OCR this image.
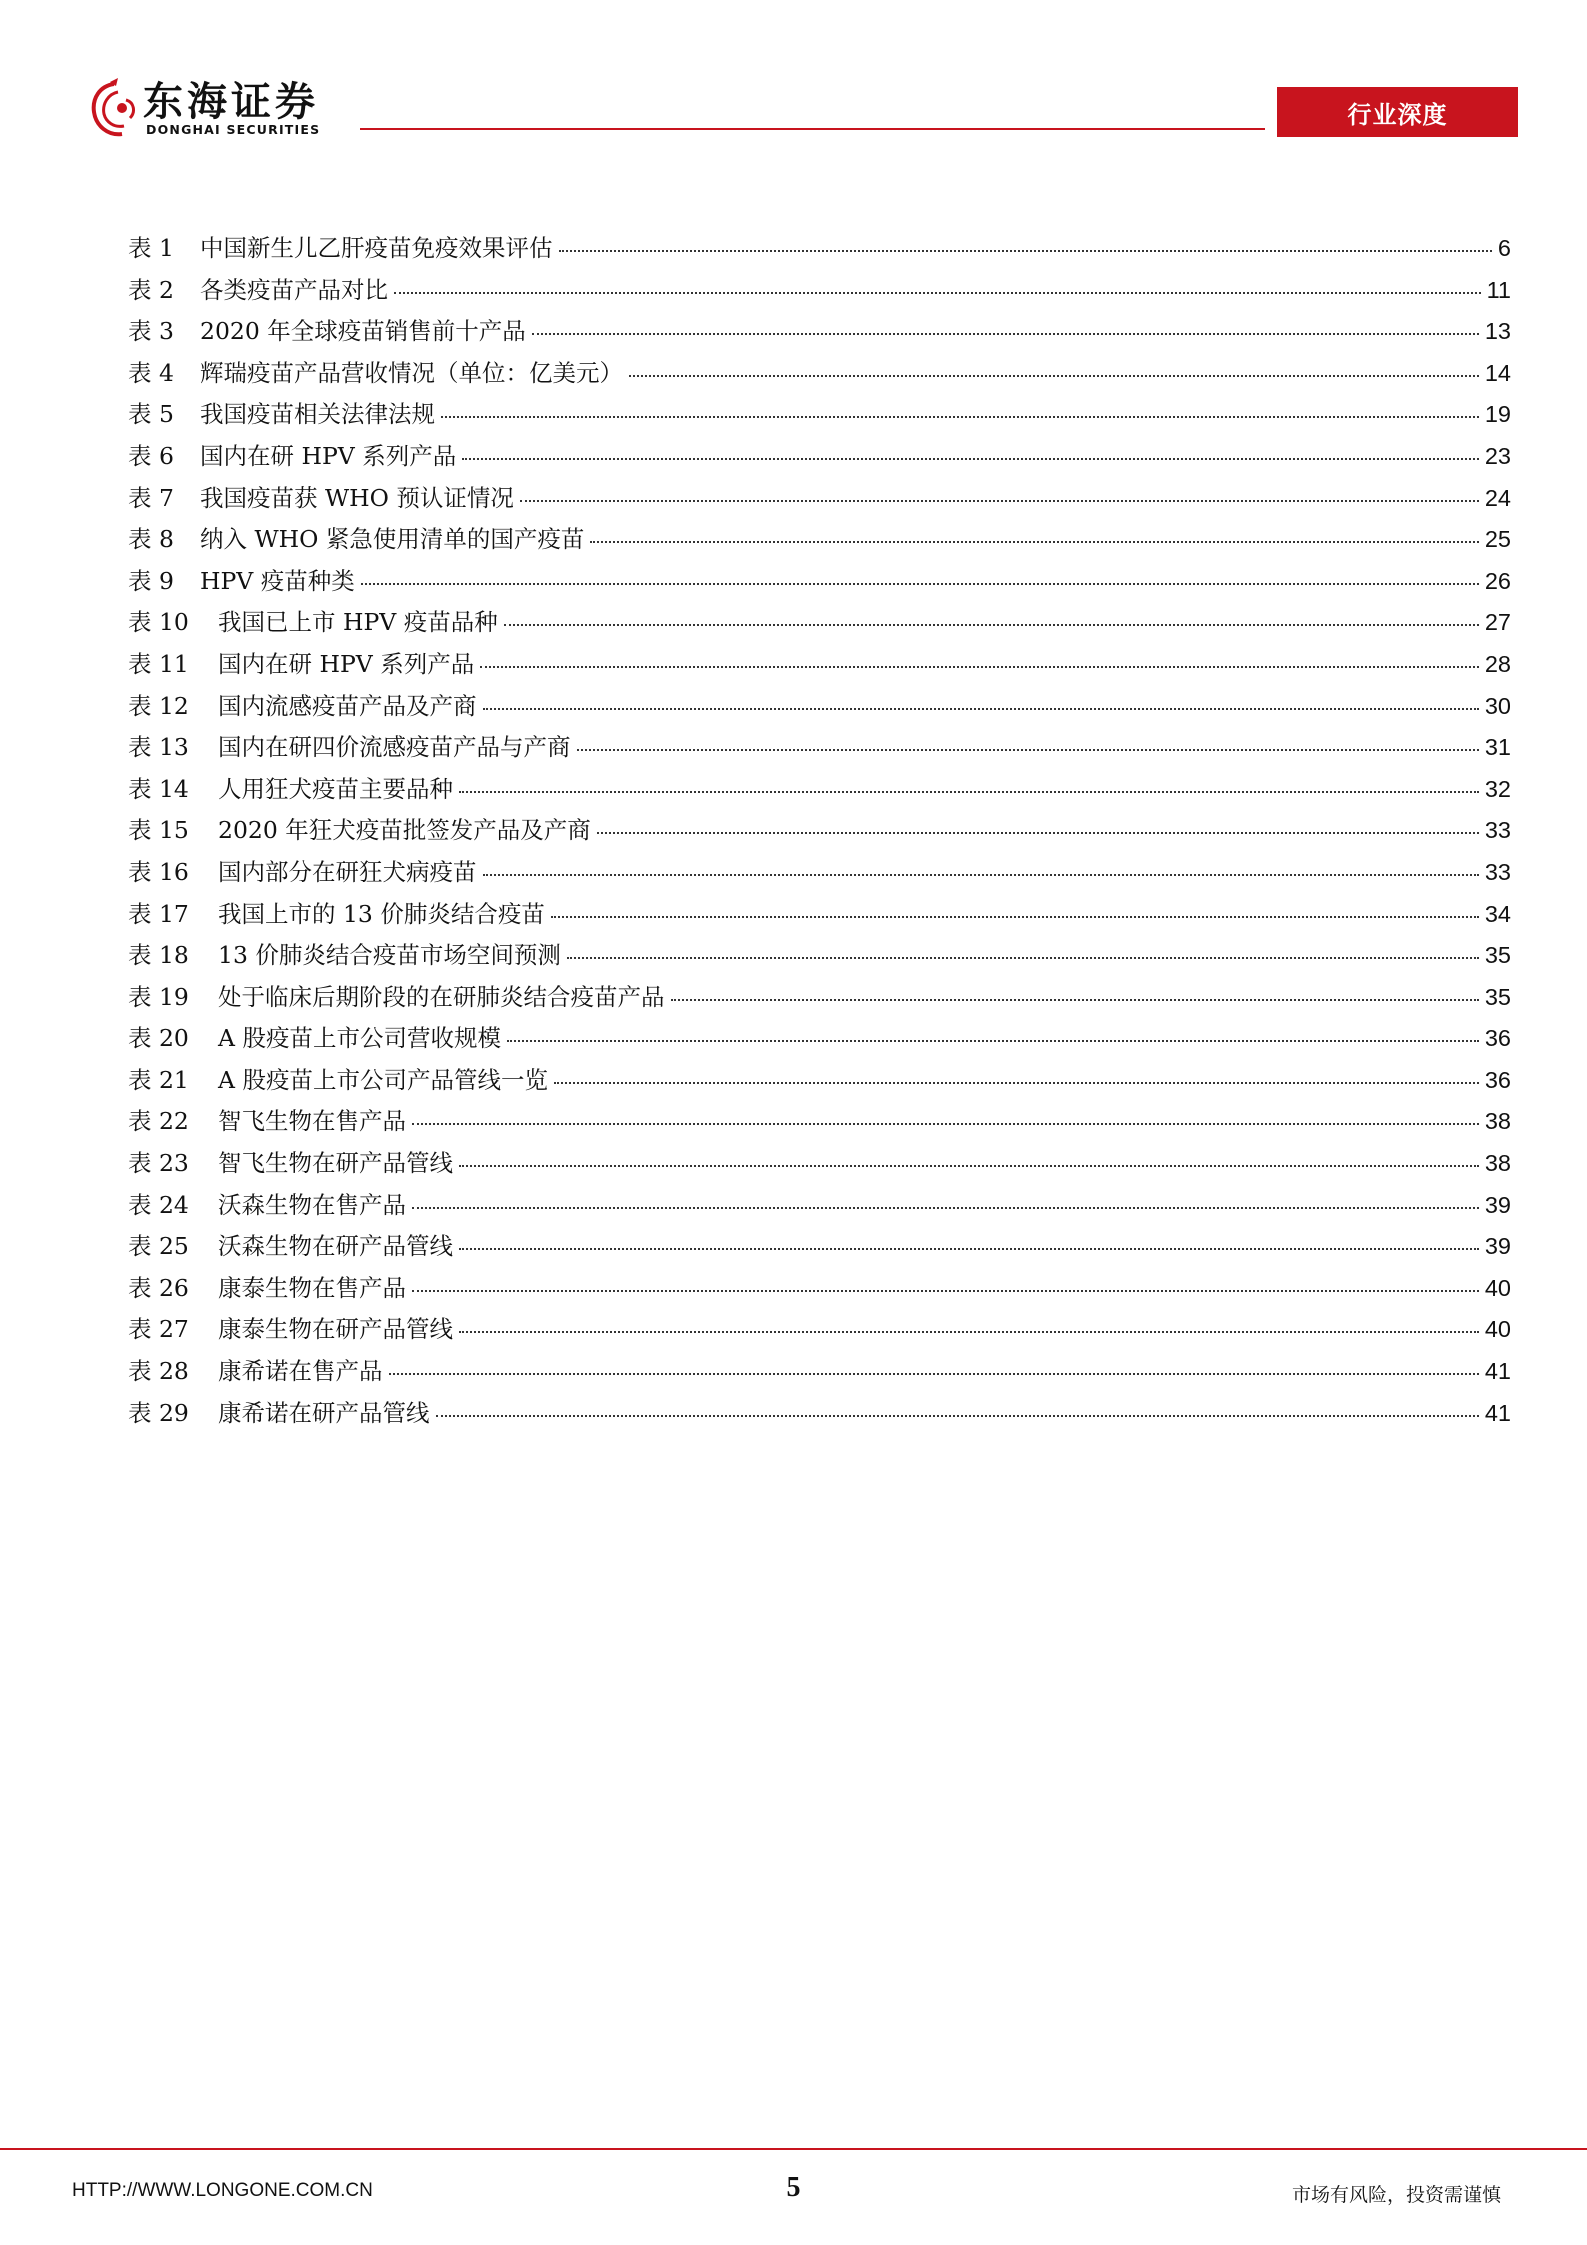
东海证券
DONGHAI SECURITIES
行业深度
表 1	中国新生儿乙肝疫苗免疫效果评估	6
表 2	各类疫苗产品对比	11
表 3	2020 年全球疫苗销售前十产品	13
表 4	辉瑞疫苗产品营收情况（单位：亿美元）	14
表 5	我国疫苗相关法律法规	19
表 6	国内在研 HPV 系列产品	23
表 7	我国疫苗获 WHO 预认证情况	24
表 8	纳入 WHO 紧急使用清单的国产疫苗	25
表 9	HPV 疫苗种类	26
表 10	我国已上市 HPV 疫苗品种	27
表 11	国内在研 HPV 系列产品	28
表 12	国内流感疫苗产品及产商	30
表 13	国内在研四价流感疫苗产品与产商	31
表 14	人用狂犬疫苗主要品种	32
表 15	2020 年狂犬疫苗批签发产品及产商	33
表 16	国内部分在研狂犬病疫苗	33
表 17	我国上市的 13 价肺炎结合疫苗	34
表 18	13 价肺炎结合疫苗市场空间预测	35
表 19	处于临床后期阶段的在研肺炎结合疫苗产品	35
表 20	A 股疫苗上市公司营收规模	36
表 21	A 股疫苗上市公司产品管线一览	36
表 22	智飞生物在售产品	38
表 23	智飞生物在研产品管线	38
表 24	沃森生物在售产品	39
表 25	沃森生物在研产品管线	39
表 26	康泰生物在售产品	40
表 27	康泰生物在研产品管线	40
表 28	康希诺在售产品	41
表 29	康希诺在研产品管线	41
HTTP://WWW.LONGONE.COM.CN	5	市场有风险，投资需谨慎
